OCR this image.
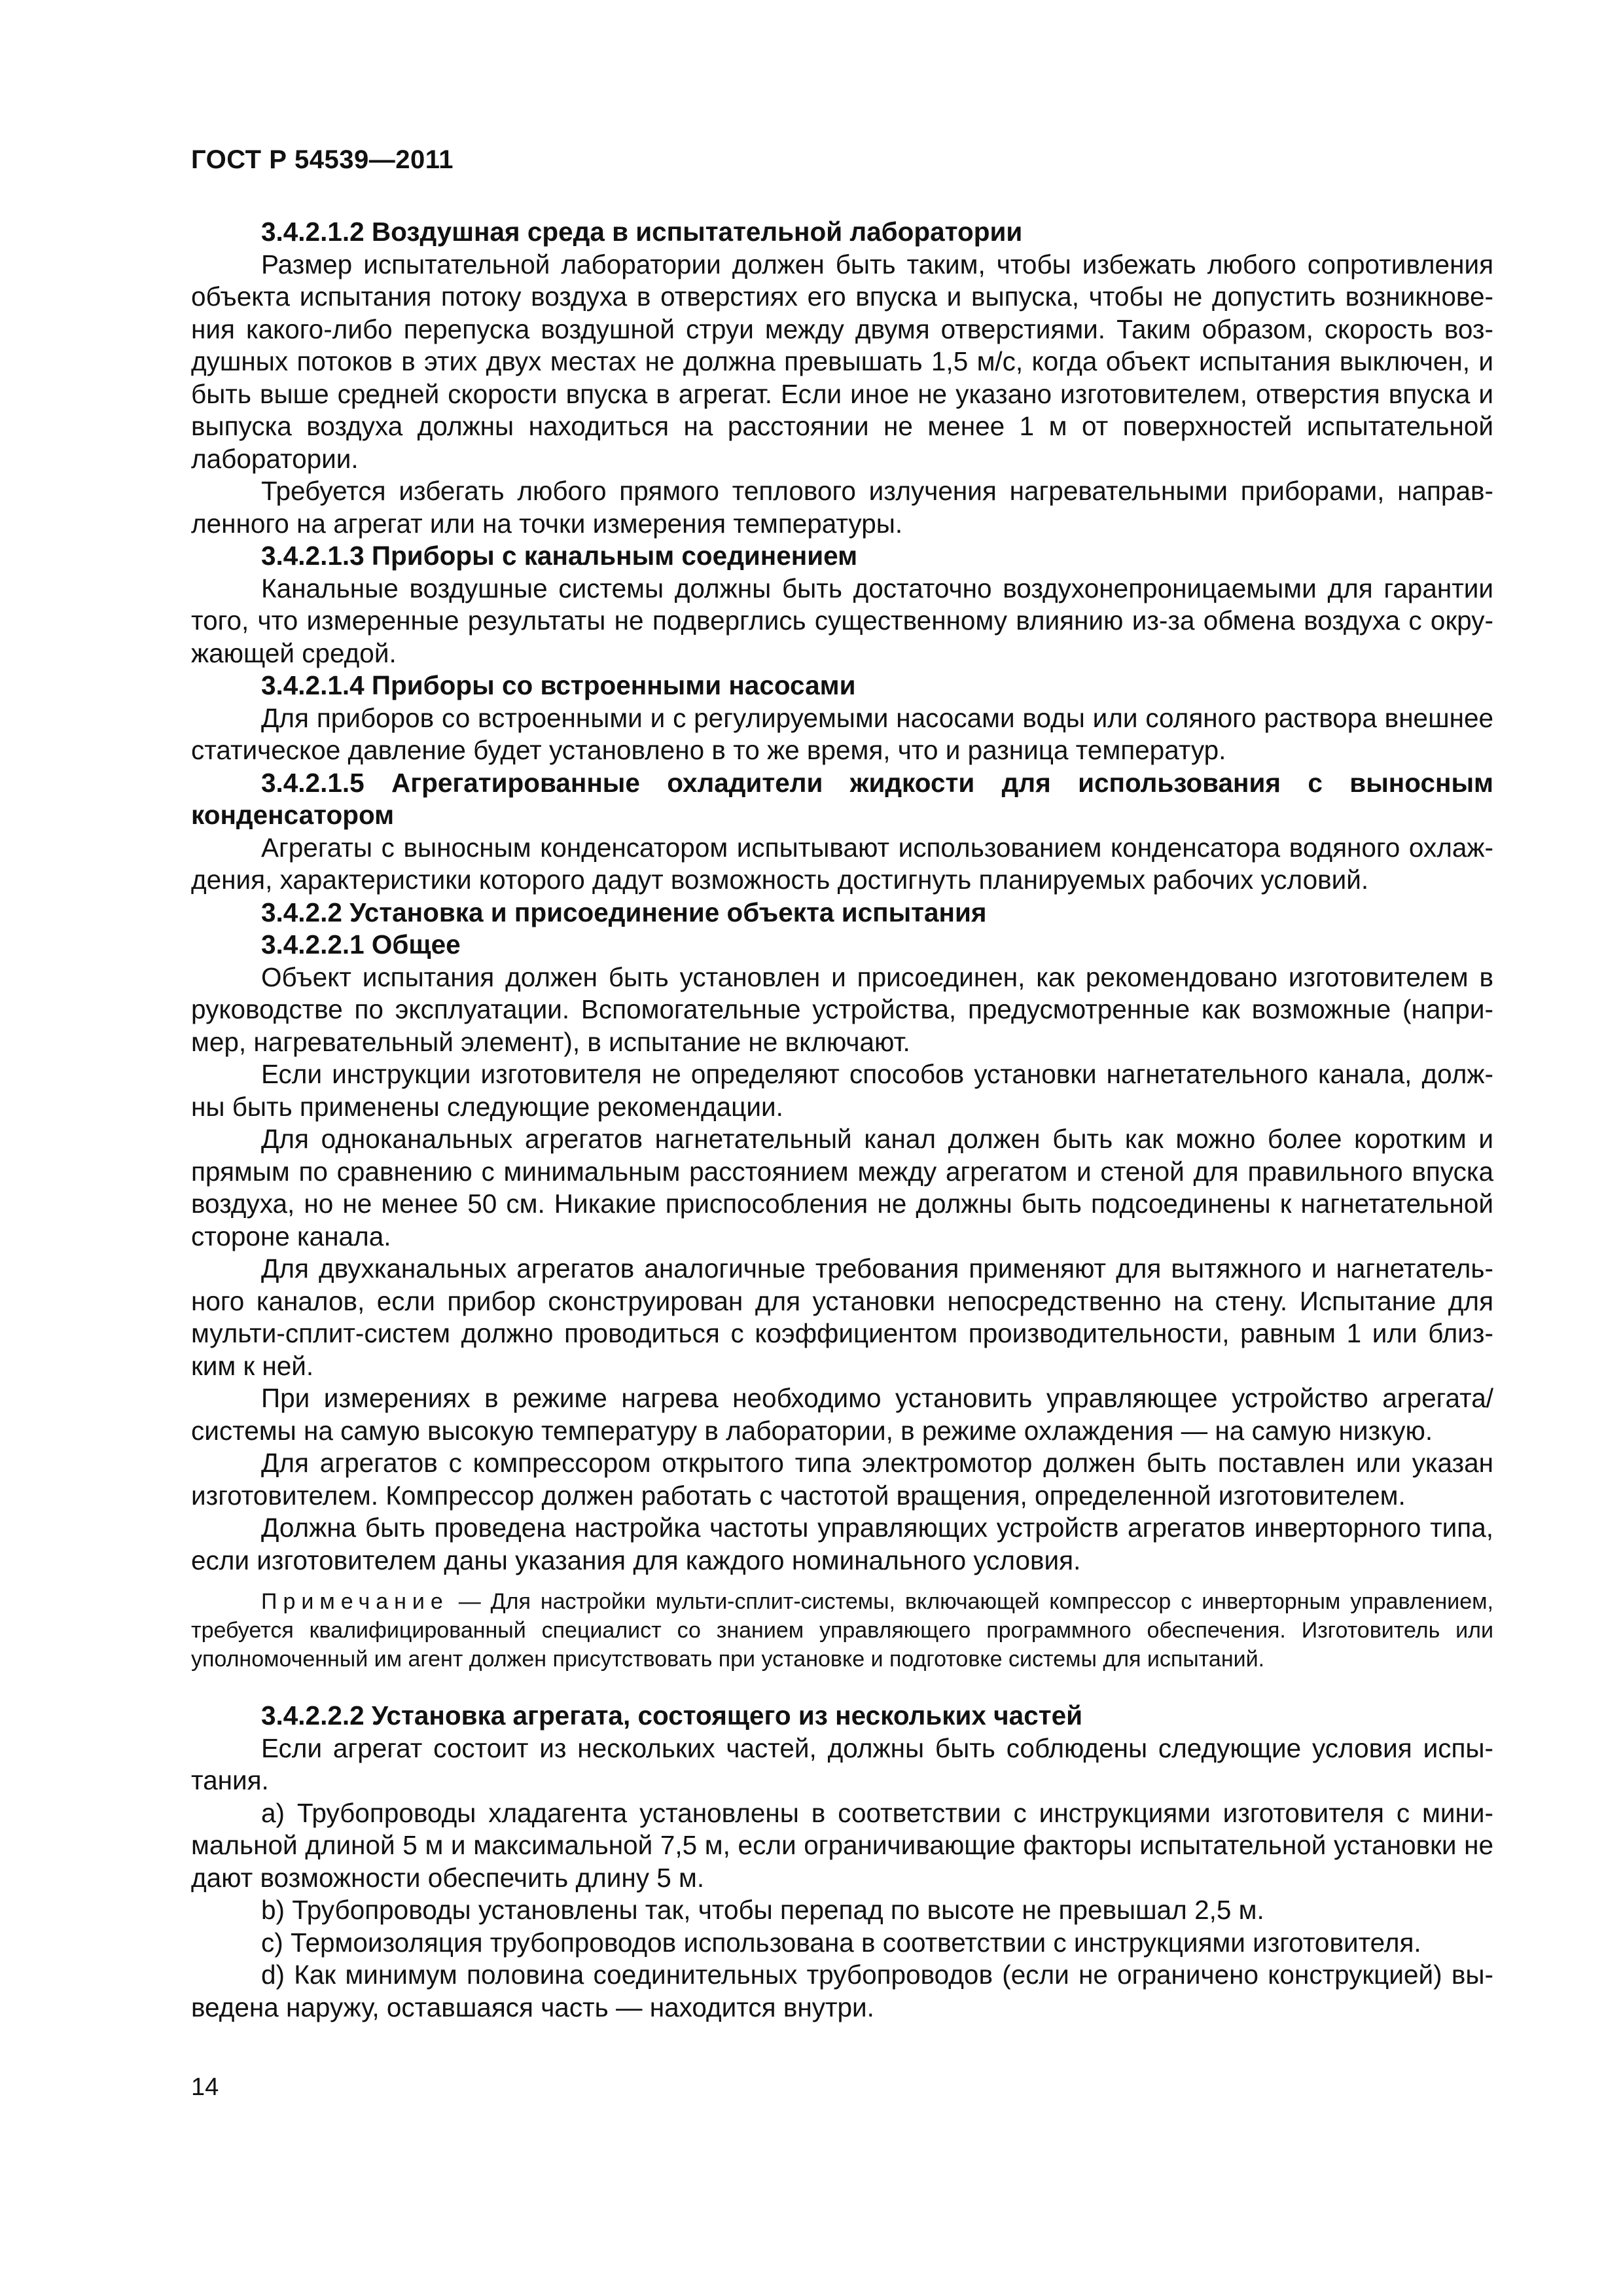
ГОСТ Р 54539—2011

3.4.2.1.2 Воздушная среда в испытательной лаборатории

Размер испытательной лаборатории должен быть таким, чтобы избежать любого сопротивления объекта испытания потоку воздуха в отверстиях его впуска и выпуска, чтобы не допустить возникновения какого-либо перепуска воздушной струи между двумя отверстиями. Таким образом, скорость воздушных потоков в этих двух местах не должна превышать 1,5 м/с, когда объект испытания выключен, и быть выше средней скорости впуска в агрегат. Если иное не указано изготовителем, отверстия впуска и выпуска воздуха должны находиться на расстоянии не менее 1 м от поверхностей испытательной лаборатории.

Требуется избегать любого прямого теплового излучения нагревательными приборами, направленного на агрегат или на точки измерения температуры.

3.4.2.1.3 Приборы с канальным соединением

Канальные воздушные системы должны быть достаточно воздухонепроницаемыми для гарантии того, что измеренные результаты не подверглись существенному влиянию из-за обмена воздуха с окружающей средой.

3.4.2.1.4 Приборы со встроенными насосами

Для приборов со встроенными и с регулируемыми насосами воды или соляного раствора внешнее статическое давление будет установлено в то же время, что и разница температур.

3.4.2.1.5 Агрегатированные охладители жидкости для использования с выносным конденсатором

Агрегаты с выносным конденсатором испытывают использованием конденсатора водяного охлаждения, характеристики которого дадут возможность достигнуть планируемых рабочих условий.

3.4.2.2 Установка и присоединение объекта испытания

3.4.2.2.1 Общее

Объект испытания должен быть установлен и присоединен, как рекомендовано изготовителем в руководстве по эксплуатации. Вспомогательные устройства, предусмотренные как возможные (например, нагревательный элемент), в испытание не включают.

Если инструкции изготовителя не определяют способов установки нагнетательного канала, должны быть применены следующие рекомендации.

Для одноканальных агрегатов нагнетательный канал должен быть как можно более коротким и прямым по сравнению с минимальным расстоянием между агрегатом и стеной для правильного впуска воздуха, но не менее 50 см. Никакие приспособления не должны быть подсоединены к нагнетательной стороне канала.

Для двухканальных агрегатов аналогичные требования применяют для вытяжного и нагнетательного каналов, если прибор сконструирован для установки непосредственно на стену. Испытание для мульти-сплит-систем должно проводиться с коэффициентом производительности, равным 1 или близким к ней.

При измерениях в режиме нагрева необходимо установить управляющее устройство агрегата/ системы на самую высокую температуру в лаборатории, в режиме охлаждения — на самую низкую.

Для агрегатов с компрессором открытого типа электромотор должен быть поставлен или указан изготовителем. Компрессор должен работать с частотой вращения, определенной изготовителем.

Должна быть проведена настройка частоты управляющих устройств агрегатов инверторного типа, если изготовителем даны указания для каждого номинального условия.

Примечание — Для настройки мульти-сплит-системы, включающей компрессор с инверторным управлением, требуется квалифицированный специалист со знанием управляющего программного обеспечения. Изготовитель или уполномоченный им агент должен присутствовать при установке и подготовке системы для испытаний.

3.4.2.2.2 Установка агрегата, состоящего из нескольких частей

Если агрегат состоит из нескольких частей, должны быть соблюдены следующие условия испытания.

а) Трубопроводы хладагента установлены в соответствии с инструкциями изготовителя с минимальной длиной 5 м и максимальной 7,5 м, если ограничивающие факторы испытательной установки не дают возможности обеспечить длину 5 м.

b) Трубопроводы установлены так, чтобы перепад по высоте не превышал 2,5 м.

с) Термоизоляция трубопроводов использована в соответствии с инструкциями изготовителя.

d) Как минимум половина соединительных трубопроводов (если не ограничено конструкцией) выведена наружу, оставшаяся часть — находится внутри.

14
